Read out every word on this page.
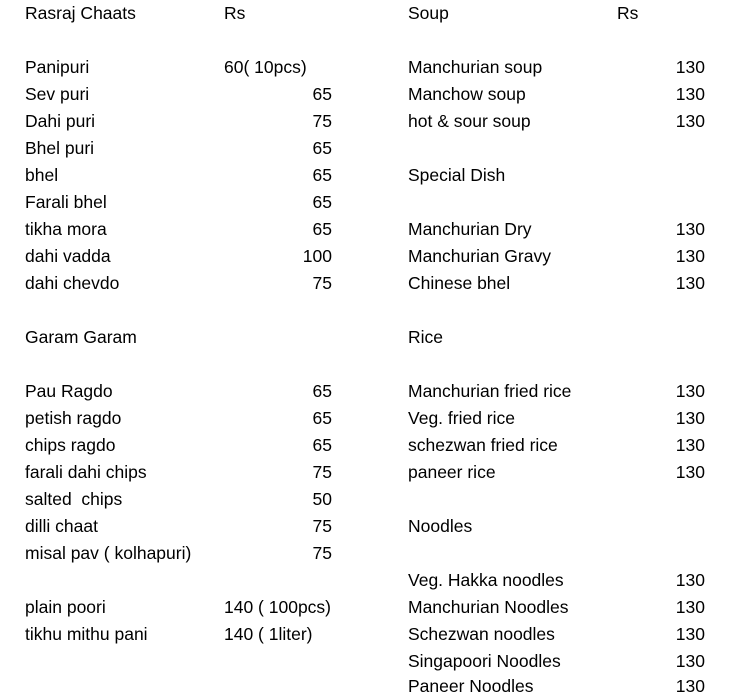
Rasraj Chaats	Rs	Soup	Rs
Panipuri	60( 10pcs)
Sev puri	65
Dahi puri	75
Bhel puri	65
bhel	65
Farali bhel	65
tikha mora	65
dahi vadda	100
dahi chevdo	75
Garam Garam
Pau Ragdo	65
petish ragdo	65
chips ragdo	65
farali dahi chips	75
salted  chips	50
dilli chaat	75
misal pav ( kolhapuri)	75
plain poori	140 ( 100pcs)
tikhu mithu pani	140 ( 1liter)
Manchurian soup	130
Manchow soup	130
hot & sour soup	130
Special Dish
Manchurian Dry	130
Manchurian Gravy	130
Chinese bhel	130
Rice
Manchurian fried rice	130
Veg. fried rice	130
schezwan fried rice	130
paneer rice	130
Noodles
Veg. Hakka noodles	130
Manchurian Noodles	130
Schezwan noodles	130
Singapoori Noodles	130
Paneer Noodles	130
